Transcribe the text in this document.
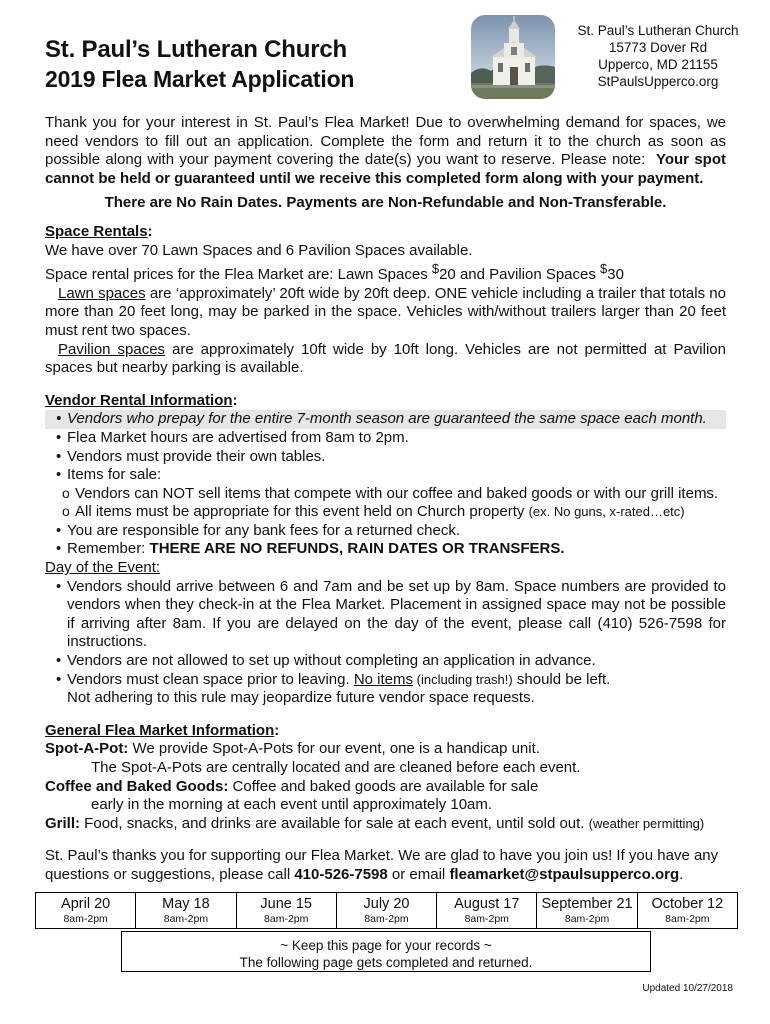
St. Paul’s Lutheran Church
2019 Flea Market Application
St. Paul’s Lutheran Church
15773 Dover Rd
Upperco, MD 21155
StPaulsUpperco.org

Thank you for your interest in St. Paul’s Flea Market! Due to overwhelming demand for spaces, we need vendors to fill out an application. Complete the form and return it to the church as soon as possible along with your payment covering the date(s) you want to reserve. Please note: Your spot cannot be held or guaranteed until we receive this completed form along with your payment.

There are No Rain Dates. Payments are Non-Refundable and Non-Transferable.

Space Rentals:

We have over 70 Lawn Spaces and 6 Pavilion Spaces available.

Space rental prices for the Flea Market are: Lawn Spaces $20 and Pavilion Spaces $30

Lawn spaces are ‘approximately’ 20ft wide by 20ft deep. ONE vehicle including a trailer that totals no more than 20 feet long, may be parked in the space. Vehicles with/without trailers larger than 20 feet must rent two spaces.

Pavilion spaces are approximately 10ft wide by 10ft long. Vehicles are not permitted at Pavilion spaces but nearby parking is available.

Vendor Rental Information:

• Vendors who prepay for the entire 7-month season are guaranteed the same space each month.
• Flea Market hours are advertised from 8am to 2pm.
• Vendors must provide their own tables.
• Items for sale:
o Vendors can NOT sell items that compete with our coffee and baked goods or with our grill items.
o All items must be appropriate for this event held on Church property (ex. No guns, x-rated…etc)
• You are responsible for any bank fees for a returned check.
• Remember: THERE ARE NO REFUNDS, RAIN DATES OR TRANSFERS.

Day of the Event:

• Vendors should arrive between 6 and 7am and be set up by 8am. Space numbers are provided to vendors when they check-in at the Flea Market. Placement in assigned space may not be possible if arriving after 8am. If you are delayed on the day of the event, please call (410) 526-7598 for instructions.
• Vendors are not allowed to set up without completing an application in advance.
• Vendors must clean space prior to leaving. No items (including trash!) should be left.
Not adhering to this rule may jeopardize future vendor space requests.

General Flea Market Information:

Spot-A-Pot: We provide Spot-A-Pots for our event, one is a handicap unit.

The Spot-A-Pots are centrally located and are cleaned before each event.

Coffee and Baked Goods: Coffee and baked goods are available for sale

early in the morning at each event until approximately 10am.

Grill: Food, snacks, and drinks are available for sale at each event, until sold out. (weather permitting)

St. Paul’s thanks you for supporting our Flea Market. We are glad to have you join us! If you have any questions or suggestions, please call 410-526-7598 or email fleamarket@stpaulsupperco.org.

April 20
8am-2pm
May 18
8am-2pm
June 15
8am-2pm
July 20
8am-2pm
August 17
8am-2pm
September 21
8am-2pm
October 12
8am-2pm
~ Keep this page for your records ~
The following page gets completed and returned.
Updated 10/27/2018
